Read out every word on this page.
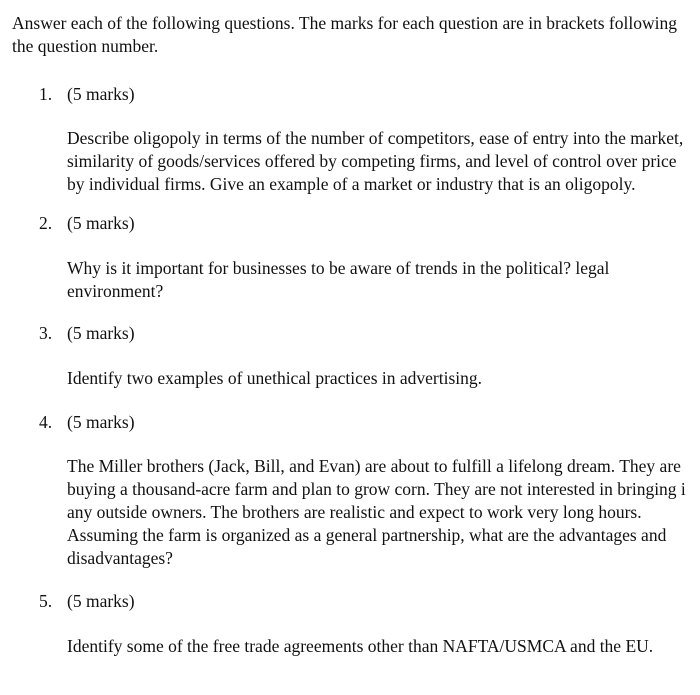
Answer each of the following questions. The marks for each question are in brackets following
the question number.
1. (5 marks)
Describe oligopoly in terms of the number of competitors, ease of entry into the market,
similarity of goods/services offered by competing firms, and level of control over price
by individual firms. Give an example of a market or industry that is an oligopoly.
2. (5 marks)
Why is it important for businesses to be aware of trends in the political? legal
environment?
3. (5 marks)
Identify two examples of unethical practices in advertising.
4. (5 marks)
The Miller brothers (Jack, Bill, and Evan) are about to fulfill a lifelong dream. They are
buying a thousand-acre farm and plan to grow corn. They are not interested in bringing i
any outside owners. The brothers are realistic and expect to work very long hours.
Assuming the farm is organized as a general partnership, what are the advantages and
disadvantages?
5. (5 marks)
Identify some of the free trade agreements other than NAFTA/USMCA and the EU.
